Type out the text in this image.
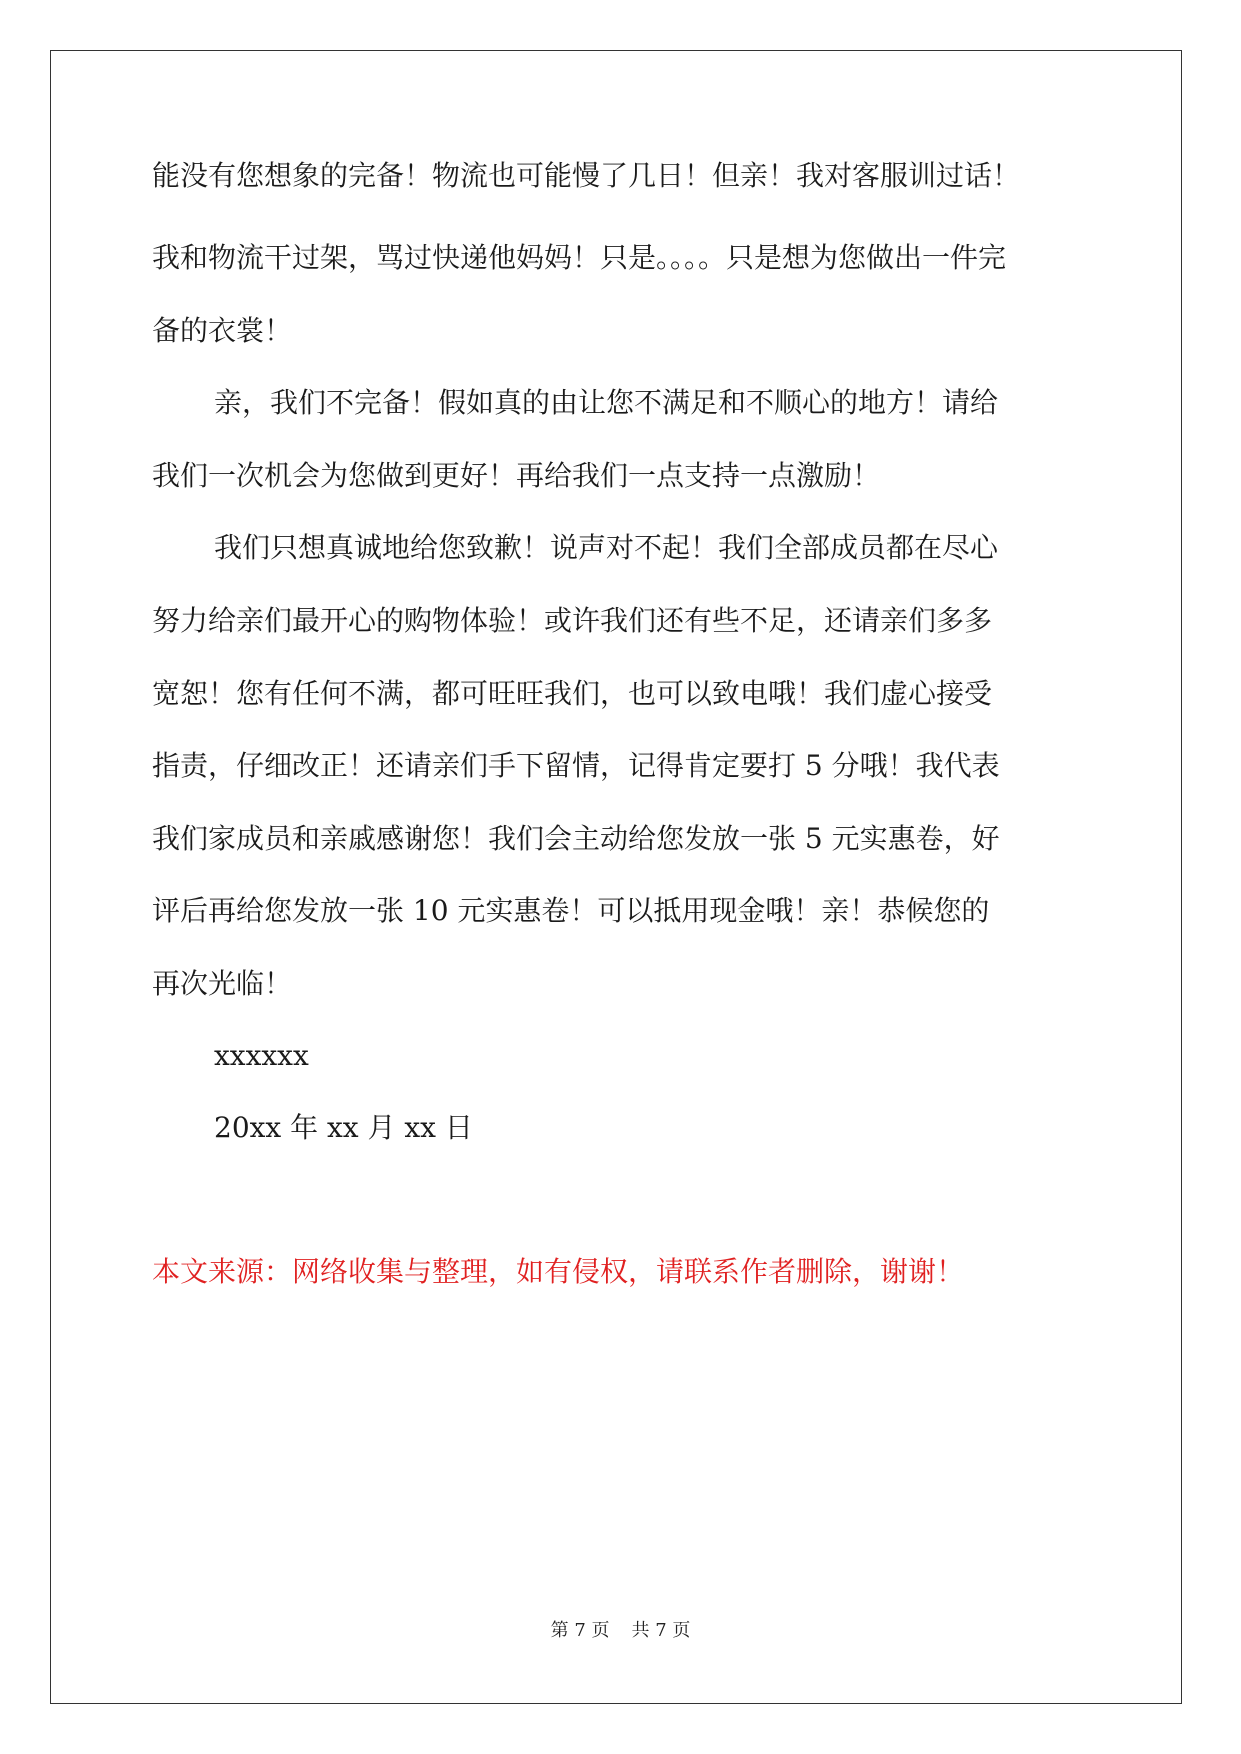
能没有您想象的完备！物流也可能慢了几日！但亲！我对客服训过话！
我和物流干过架，骂过快递他妈妈！只是。。。。只是想为您做出一件完
备的衣裳！
亲，我们不完备！假如真的由让您不满足和不顺心的地方！请给
我们一次机会为您做到更好！再给我们一点支持一点激励！
我们只想真诚地给您致歉！说声对不起！我们全部成员都在尽心
努力给亲们最开心的购物体验！或许我们还有些不足，还请亲们多多
宽恕！您有任何不满，都可旺旺我们，也可以致电哦！我们虚心接受
指责，仔细改正！还请亲们手下留情，记得肯定要打 5 分哦！我代表
我们家成员和亲戚感谢您！我们会主动给您发放一张 5 元实惠卷，好
评后再给您发放一张 10 元实惠卷！可以抵用现金哦！亲！恭候您的
再次光临！
xxxxxx
20xx 年 xx 月 xx 日
本文来源：网络收集与整理，如有侵权，请联系作者删除，谢谢！
第 7 页 共 7 页
